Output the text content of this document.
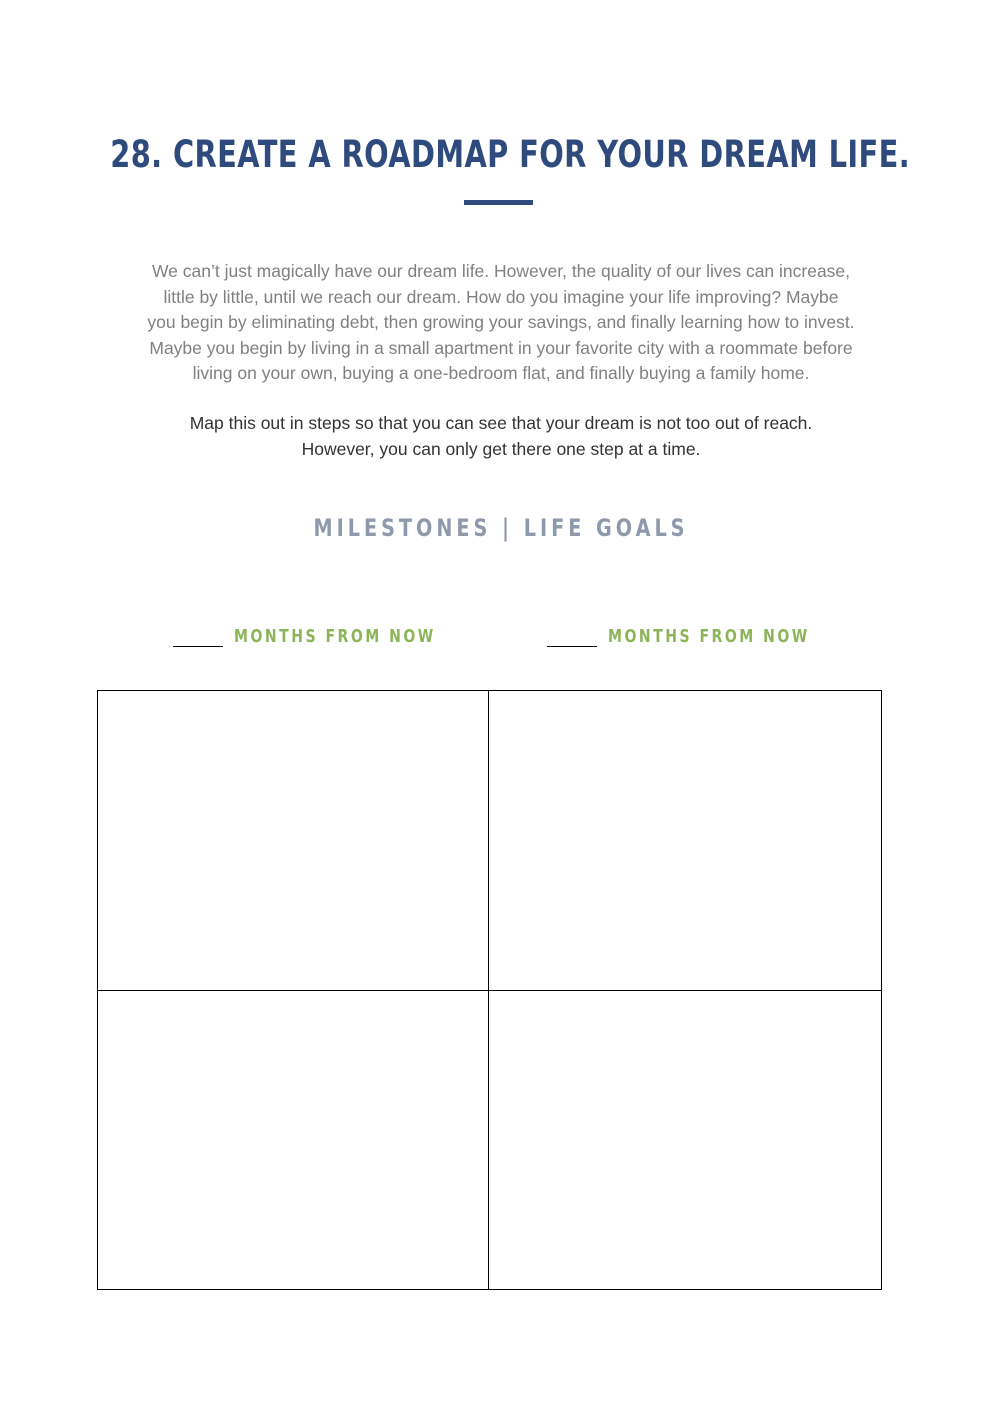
28. CREATE A ROADMAP FOR YOUR DREAM LIFE.

We can’t just magically have our dream life. However, the quality of our lives can increase,

little by little, until we reach our dream. How do you imagine your life improving? Maybe

you begin by eliminating debt, then growing your savings, and finally learning how to invest.

Maybe you begin by living in a small apartment in your favorite city with a roommate before

living on your own, buying a one-bedroom flat, and finally buying a family home.

Map this out in steps so that you can see that your dream is not too out of reach.

However, you can only get there one step at a time.

MILESTONES | LIFE GOALS
MONTHS FROM NOW	MONTHS FROM NOW
